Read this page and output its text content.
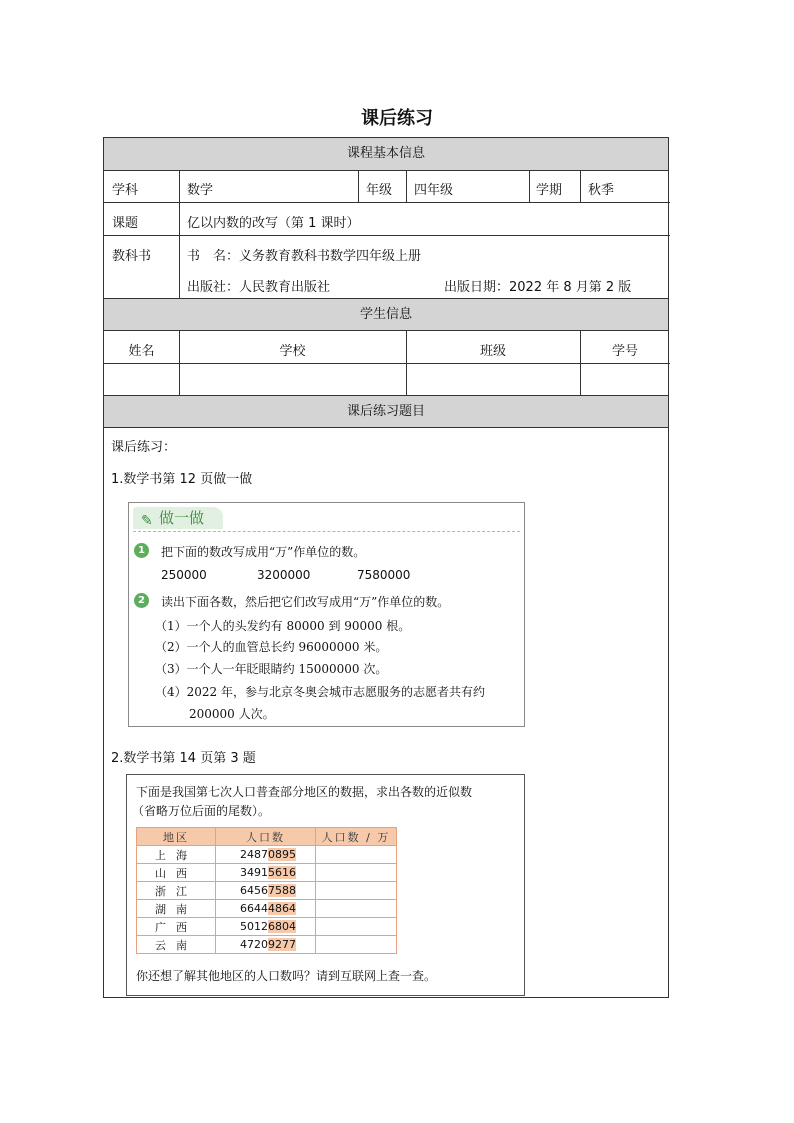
课后练习
课程基本信息
学科	数学	年级 四年级	学期 秋季
课题	亿以内数的改写（第 1 课时）
教科书	书　名：义务教育教科书数学四年级上册
出版社：人民教育出版社	出版日期：2022 年 8 月第 2 版
学生信息
姓名	学校	班级	学号
课后练习题目
课后练习：
1.数学书第 12 页做一做
✎ 做一做
1	把下面的数改写成用“万”作单位的数。
250000	3200000	7580000
2	读出下面各数，然后把它们改写成用“万”作单位的数。
（1）一个人的头发约有 80000 到 90000 根。
（2）一个人的血管总长约 96000000 米。
（3）一个人一年眨眼睛约 15000000 次。
（4）2022 年，参与北京冬奥会城市志愿服务的志愿者共有约
200000 人次。
2.数学书第 14 页第 3 题
下面是我国第七次人口普查部分地区的数据，求出各数的近似数
（省略万位后面的尾数）。
地区	人口数	人口数 / 万
上海	24870895	
山西	34915616	
浙江	64567588	
湖南	66444864	
广西	50126804	
云南	47209277	
你还想了解其他地区的人口数吗？请到互联网上查一查。
